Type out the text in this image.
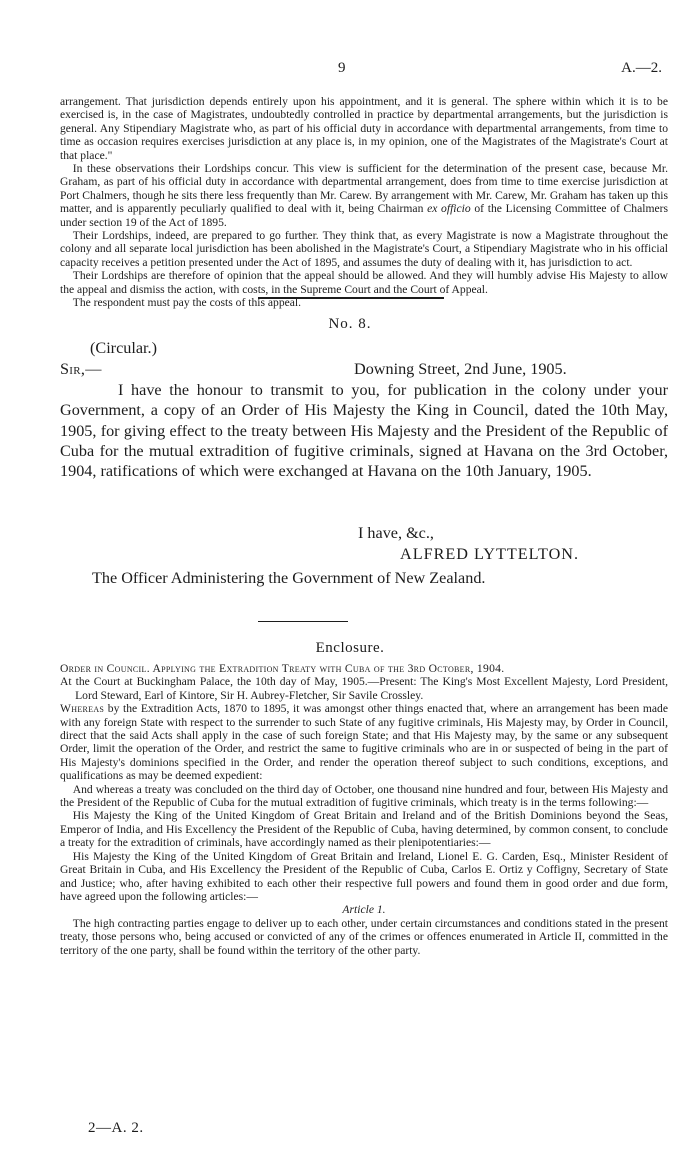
9	A.—2.

arrangement. That jurisdiction depends entirely upon his appointment, and it is general. The sphere within which it is to be exercised is, in the case of Magistrates, undoubtedly controlled in practice by departmental arrangements, but the jurisdiction is general. Any Stipendiary Magistrate who, as part of his official duty in accordance with departmental arrangements, from time to time as occasion requires exercises jurisdiction at any place is, in my opinion, one of the Magistrates of the Magistrate's Court at that place."

In these observations their Lordships concur. This view is sufficient for the determination of the present case, because Mr. Graham, as part of his official duty in accordance with departmental arrangement, does from time to time exercise jurisdiction at Port Chalmers, though he sits there less frequently than Mr. Carew. By arrangement with Mr. Carew, Mr. Graham has taken up this matter, and is apparently peculiarly qualified to deal with it, being Chairman ex officio of the Licensing Committee of Chalmers under section 19 of the Act of 1895.

Their Lordships, indeed, are prepared to go further. They think that, as every Magistrate is now a Magistrate throughout the colony and all separate local jurisdiction has been abolished in the Magistrate's Court, a Stipendiary Magistrate who in his official capacity receives a petition presented under the Act of 1895, and assumes the duty of dealing with it, has jurisdiction to act.

Their Lordships are therefore of opinion that the appeal should be allowed. And they will humbly advise His Majesty to allow the appeal and dismiss the action, with costs, in the Supreme Court and the Court of Appeal.

The respondent must pay the costs of this appeal.

No. 8.
(Circular.)
Sir,—	Downing Street, 2nd June, 1905.
I have the honour to transmit to you, for publication in the colony under your Government, a copy of an Order of His Majesty the King in Council, dated the 10th May, 1905, for giving effect to the treaty between His Majesty and the President of the Republic of Cuba for the mutual extradition of fugitive criminals, signed at Havana on the 3rd October, 1904, ratifications of which were exchanged at Havana on the 10th January, 1905.
I have, &c.,
ALFRED LYTTELTON.
The Officer Administering the Government of New Zealand.
Enclosure.

Order in Council. Applying the Extradition Treaty with Cuba of the 3rd October, 1904.

At the Court at Buckingham Palace, the 10th day of May, 1905.—Present: The King's Most Excellent Majesty, Lord President, Lord Steward, Earl of Kintore, Sir H. Aubrey-Fletcher, Sir Savile Crossley.

Whereas by the Extradition Acts, 1870 to 1895, it was amongst other things enacted that, where an arrangement has been made with any foreign State with respect to the surrender to such State of any fugitive criminals, His Majesty may, by Order in Council, direct that the said Acts shall apply in the case of such foreign State; and that His Majesty may, by the same or any subsequent Order, limit the operation of the Order, and restrict the same to fugitive criminals who are in or suspected of being in the part of His Majesty's dominions specified in the Order, and render the operation thereof subject to such conditions, exceptions, and qualifications as may be deemed expedient:

And whereas a treaty was concluded on the third day of October, one thousand nine hundred and four, between His Majesty and the President of the Republic of Cuba for the mutual extradition of fugitive criminals, which treaty is in the terms following:—

His Majesty the King of the United Kingdom of Great Britain and Ireland and of the British Dominions beyond the Seas, Emperor of India, and His Excellency the President of the Republic of Cuba, having determined, by common consent, to conclude a treaty for the extradition of criminals, have accordingly named as their plenipotentiaries:—

His Majesty the King of the United Kingdom of Great Britain and Ireland, Lionel E. G. Carden, Esq., Minister Resident of Great Britain in Cuba, and His Excellency the President of the Republic of Cuba, Carlos E. Ortiz y Coffigny, Secretary of State and Justice; who, after having exhibited to each other their respective full powers and found them in good order and due form, have agreed upon the following articles:—

Article 1.

The high contracting parties engage to deliver up to each other, under certain circumstances and conditions stated in the present treaty, those persons who, being accused or convicted of any of the crimes or offences enumerated in Article II, committed in the territory of the one party, shall be found within the territory of the other party.

2—A. 2.
